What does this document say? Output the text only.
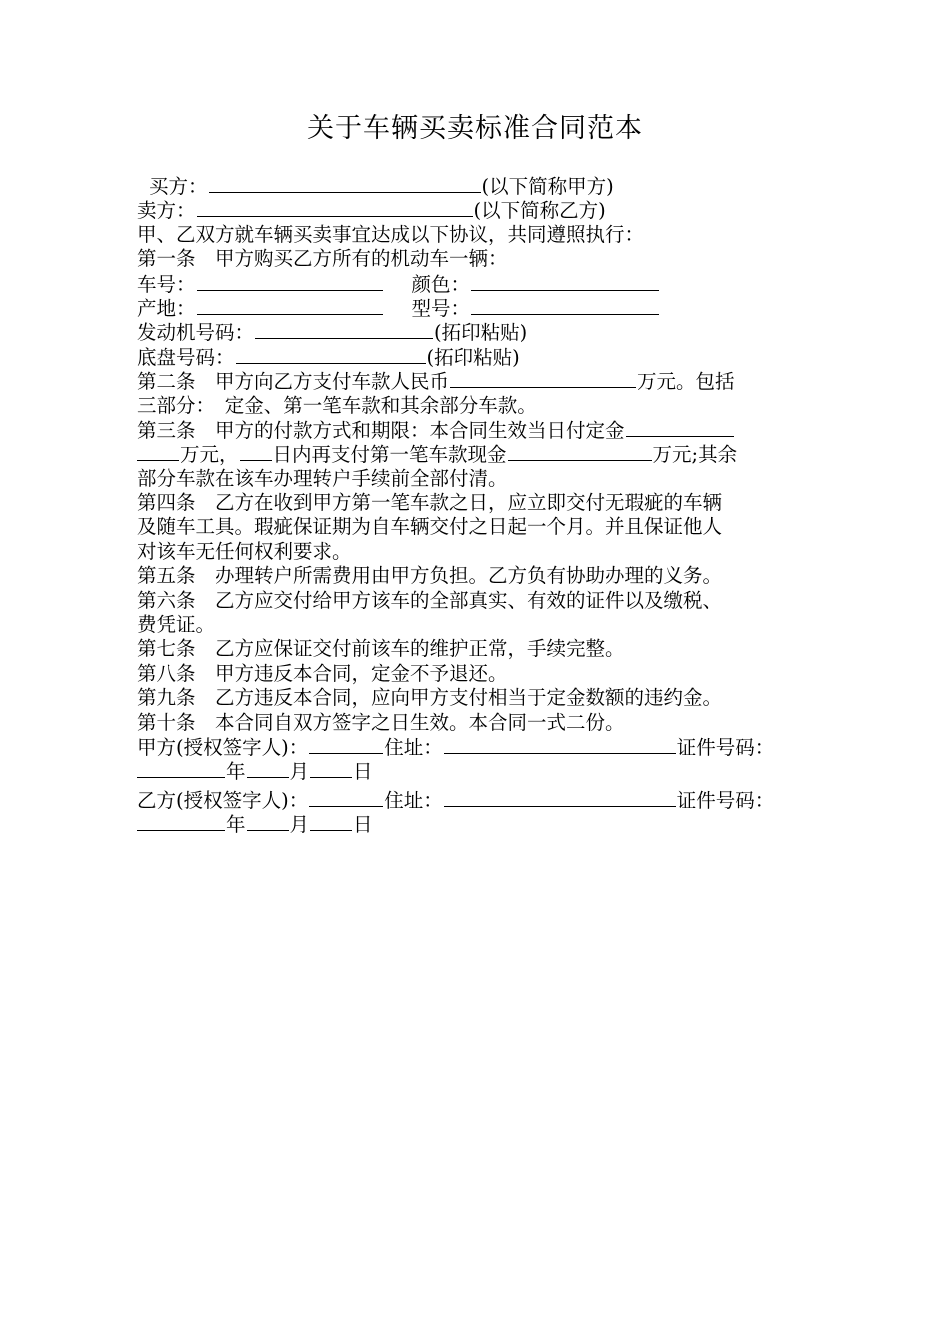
关于车辆买卖标准合同范本
买方：	(以下简称甲方)
卖方：	(以下简称乙方)
甲、乙双方就车辆买卖事宜达成以下协议，共同遵照执行：
第一条　甲方购买乙方所有的机动车一辆：
车号：	颜色：
产地：	型号：
发动机号码：	(拓印粘贴)
底盘号码：	(拓印粘贴)
第二条　甲方向乙方支付车款人民币	万元。包括
三部分：　定金、第一笔车款和其余部分车款。
第三条　甲方的付款方式和期限：本合同生效当日付定金
万元， 日内再支付第一笔车款现金	万元;其余
部分车款在该车办理转户手续前全部付清。
第四条　乙方在收到甲方第一笔车款之日，应立即交付无瑕疵的车辆
及随车工具。瑕疵保证期为自车辆交付之日起一个月。并且保证他人
对该车无任何权利要求。
第五条　办理转户所需费用由甲方负担。乙方负有协助办理的义务。
第六条　乙方应交付给甲方该车的全部真实、有效的证件以及缴税、
费凭证。
第七条　乙方应保证交付前该车的维护正常，手续完整。
第八条　甲方违反本合同，定金不予退还。
第九条　乙方违反本合同，应向甲方支付相当于定金数额的违约金。
第十条　本合同自双方签字之日生效。本合同一式二份。
甲方(授权签字人)：	住址：	证件号码：
年 月 日
乙方(授权签字人)：	住址：	证件号码：
年 月 日
